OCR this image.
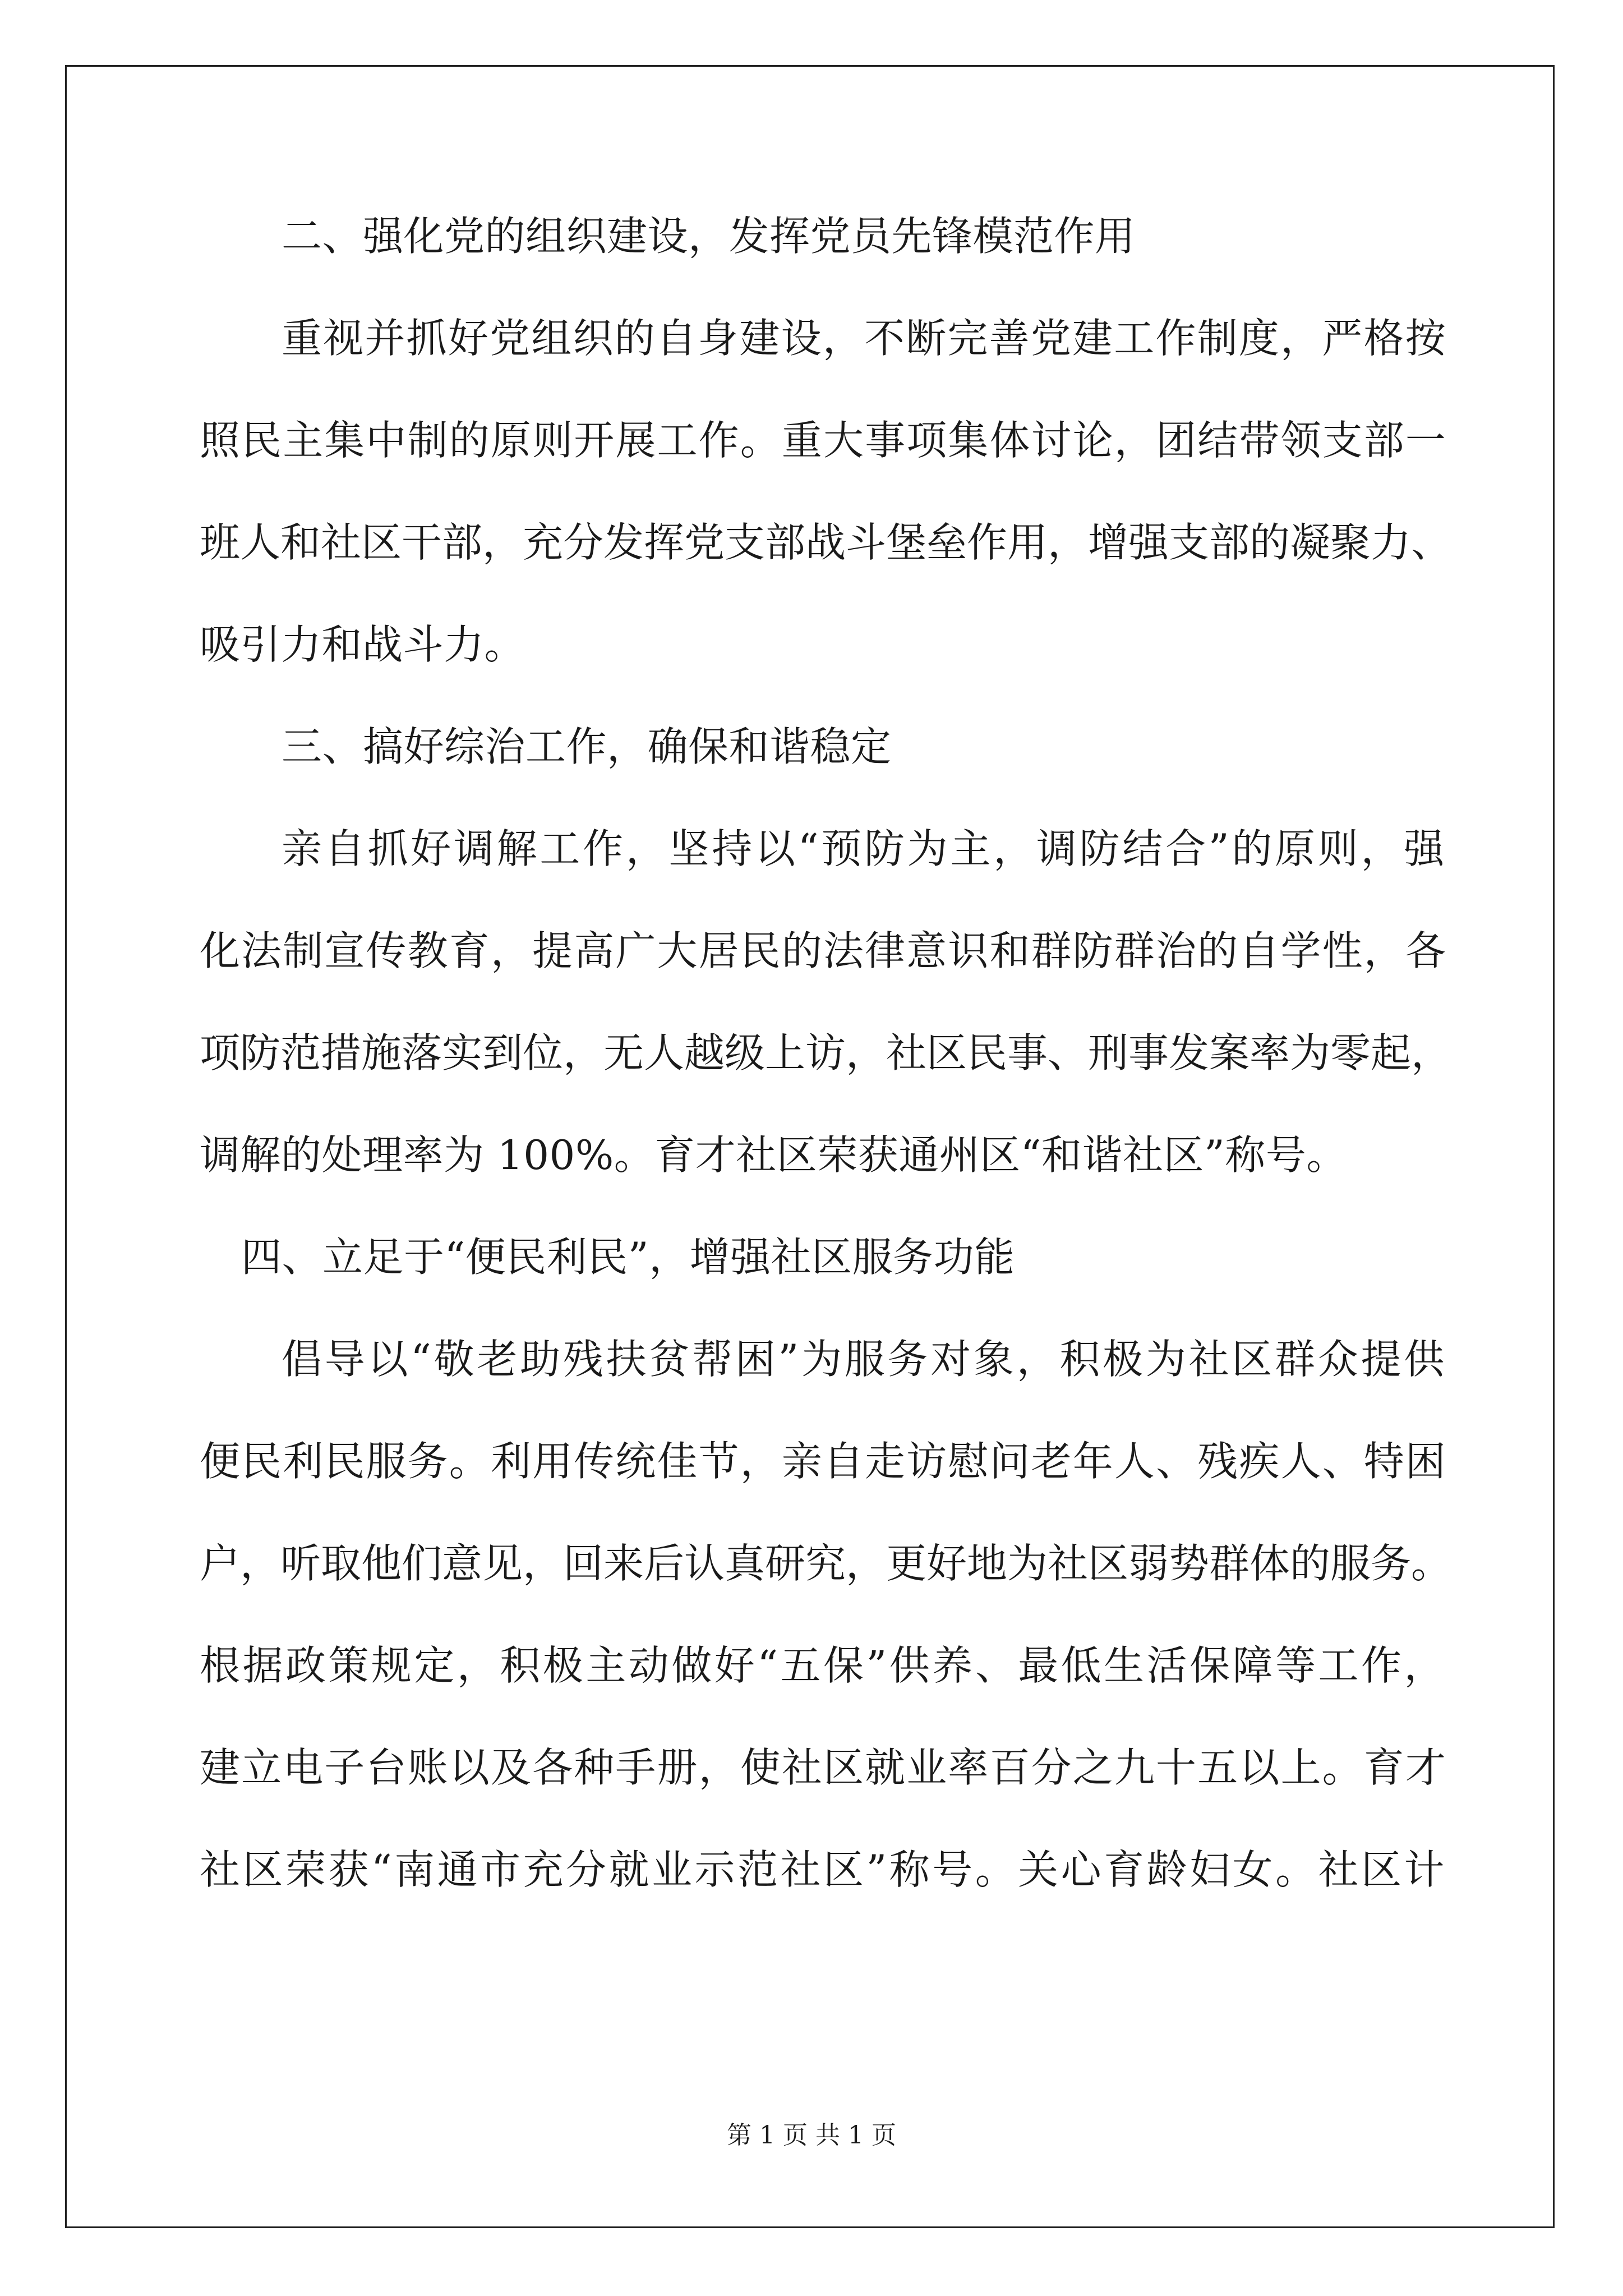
二、强化党的组织建设，发挥党员先锋模范作用
重视并抓好党组织的自身建设，不断完善党建工作制度，严格按
照民主集中制的原则开展工作。重大事项集体讨论，团结带领支部一
班人和社区干部，充分发挥党支部战斗堡垒作用，增强支部的凝聚力、
吸引力和战斗力。
三、搞好综治工作，确保和谐稳定
亲自抓好调解工作，坚持以“预防为主，调防结合”的原则，强
化法制宣传教育，提高广大居民的法律意识和群防群治的自学性，各
项防范措施落实到位，无人越级上访，社区民事、刑事发案率为零起，
调解的处理率为 100%。育才社区荣获通州区“和谐社区”称号。
四、立足于“便民利民”，增强社区服务功能
倡导以“敬老助残扶贫帮困”为服务对象，积极为社区群众提供
便民利民服务。利用传统佳节，亲自走访慰问老年人、残疾人、特困
户，听取他们意见，回来后认真研究，更好地为社区弱势群体的服务。
根据政策规定，积极主动做好“五保”供养、最低生活保障等工作，
建立电子台账以及各种手册，使社区就业率百分之九十五以上。育才
社区荣获“南通市充分就业示范社区”称号。关心育龄妇女。社区计
第 1 页 共 1 页
